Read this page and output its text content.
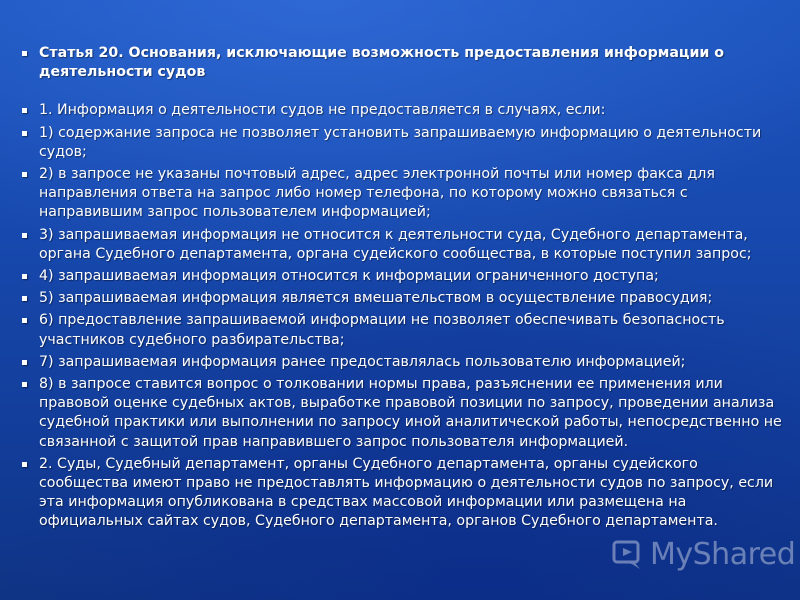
Статья 20. Основания, исключающие возможность предоставления информации о деятельности судов
1. Информация о деятельности судов не предоставляется в случаях, если:
1) содержание запроса не позволяет установить запрашиваемую информацию о деятельности судов;
2) в запросе не указаны почтовый адрес, адрес электронной почты или номер факса для направления ответа на запрос либо номер телефона, по которому можно связаться с направившим запрос пользователем информацией;
3) запрашиваемая информация не относится к деятельности суда, Судебного департамента, органа Судебного департамента, органа судейского сообщества, в которые поступил запрос;
4) запрашиваемая информация относится к информации ограниченного доступа;
5) запрашиваемая информация является вмешательством в осуществление правосудия;
6) предоставление запрашиваемой информации не позволяет обеспечивать безопасность участников судебного разбирательства;
7) запрашиваемая информация ранее предоставлялась пользователю информацией;
8) в запросе ставится вопрос о толковании нормы права, разъяснении ее применения или правовой оценке судебных актов, выработке правовой позиции по запросу, проведении анализа судебной практики или выполнении по запросу иной аналитической работы, непосредственно не связанной с защитой прав направившего запрос пользователя информацией.
2. Суды, Судебный департамент, органы Судебного департамента, органы судейского сообщества имеют право не предоставлять информацию о деятельности судов по запросу, если эта информация опубликована в средствах массовой информации или размещена на официальных сайтах судов, Судебного департамента, органов Судебного департамента.
MyShared
